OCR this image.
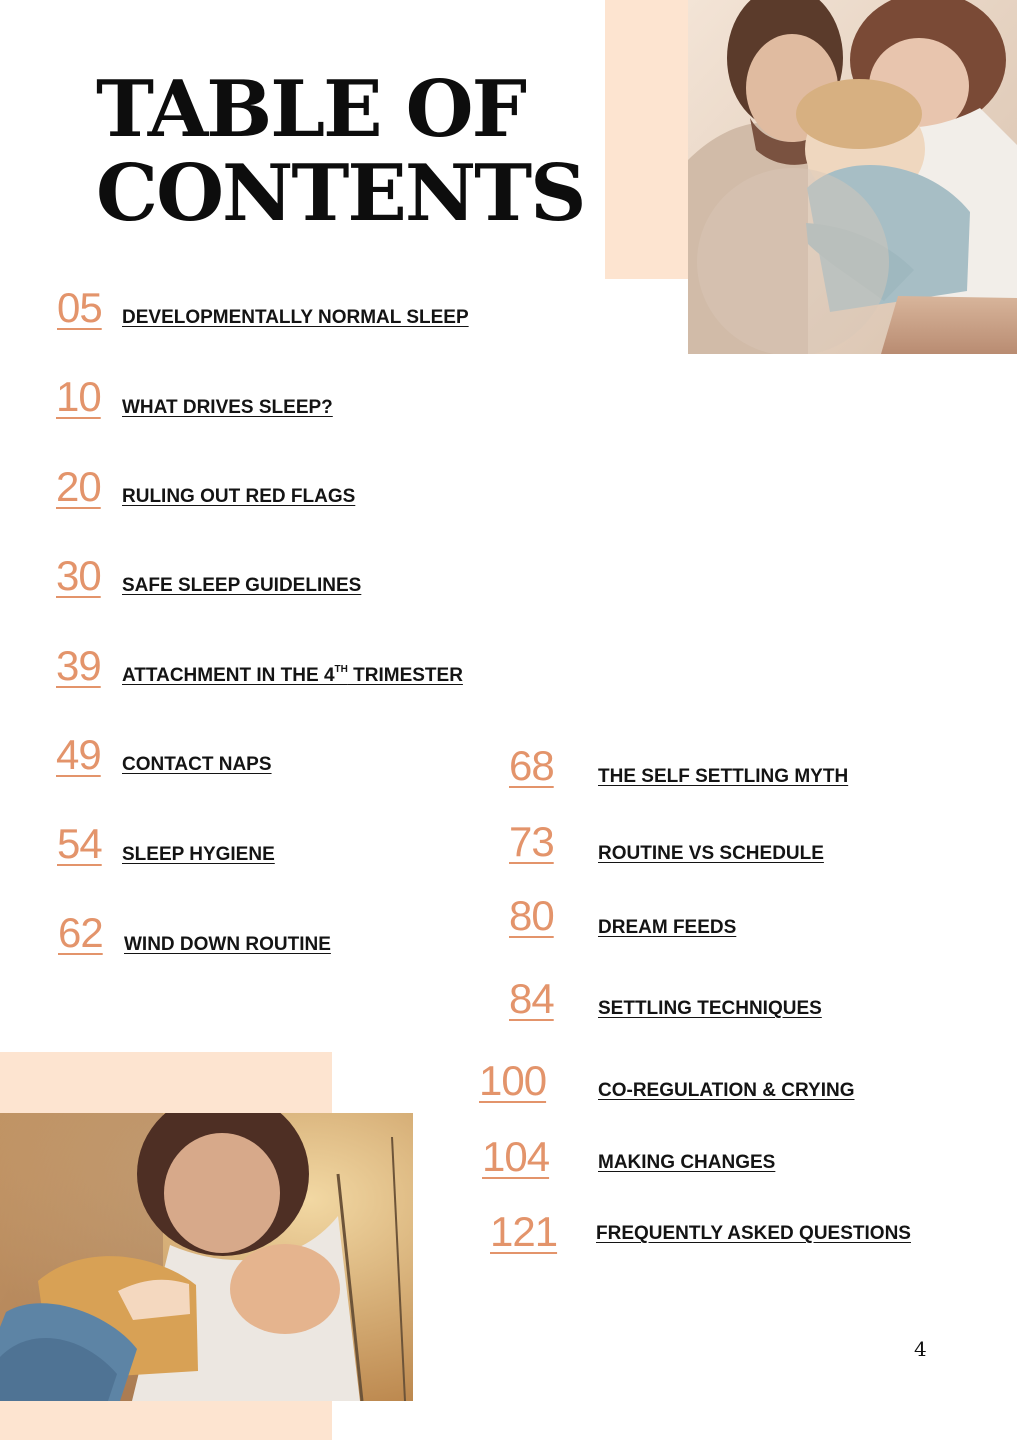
TABLE OF
CONTENTS
05 DEVELOPMENTALLY NORMAL SLEEP
10 WHAT DRIVES SLEEP?
20 RULING OUT RED FLAGS
30 SAFE SLEEP GUIDELINES
39 ATTACHMENT IN THE 4TH TRIMESTER
49 CONTACT NAPS
54 SLEEP HYGIENE
62 WIND DOWN ROUTINE
68 THE SELF SETTLING MYTH
73 ROUTINE VS SCHEDULE
80 DREAM FEEDS
84 SETTLING TECHNIQUES
100	CO-REGULATION & CRYING
104	MAKING CHANGES
121 FREQUENTLY ASKED QUESTIONS
4
